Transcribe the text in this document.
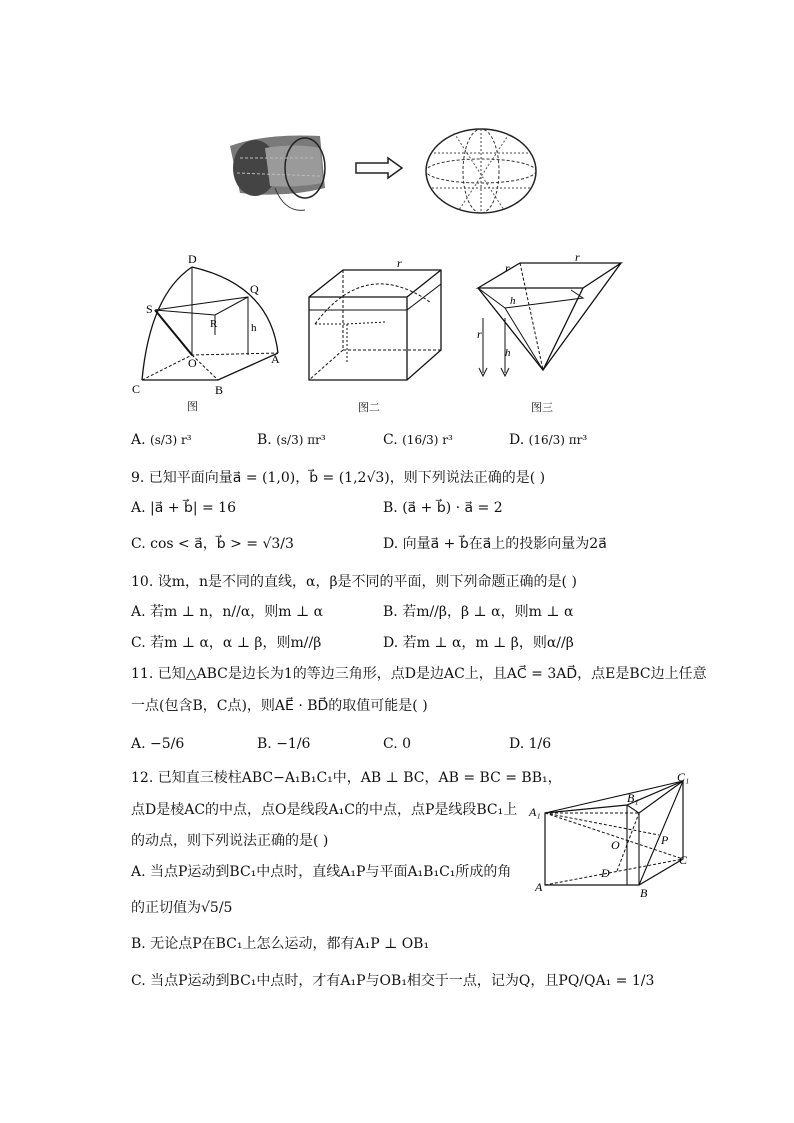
D
Q
S
R	h
O	A
C	B
图
r
图二
r
r
h
r
h
图三
A. (s/3) r³	B. (s/3) πr³	C. (16/3) r³	D. (16/3) πr³
9. 已知平面向量a⃗ = (1,0)，b⃗ = (1,2√3)，则下列说法正确的是( )
A. |a⃗ + b⃗| = 16	B. (a⃗ + b⃗) · a⃗ = 2
C. cos < a⃗，b⃗ > = √3/3	D. 向量a⃗ + b⃗在a⃗上的投影向量为2a⃗
10. 设m，n是不同的直线，α，β是不同的平面，则下列命题正确的是( )
A. 若m ⊥ n，n//α，则m ⊥ α	B. 若m//β，β ⊥ α，则m ⊥ α
C. 若m ⊥ α，α ⊥ β，则m//β	D. 若m ⊥ α，m ⊥ β，则α//β
11. 已知△ABC是边长为1的等边三角形，点D是边AC上，且AC⃗ = 3AD⃗，点E是BC边上任意
一点(包含B，C点)，则AE⃗ · BD⃗的取值可能是( )
A. −5/6	B. −1/6	C. 0	D. 1/6
12. 已知直三棱柱ABC−A₁B₁C₁中，AB ⊥ BC，AB = BC = BB₁，
点D是棱AC的中点，点O是线段A₁C的中点，点P是线段BC₁上
的动点，则下列说法正确的是( )
A. 当点P运动到BC₁中点时，直线A₁P与平面A₁B₁C₁所成的角
的正切值为√5/5
B. 无论点P在BC₁上怎么运动，都有A₁P ⊥ OB₁
C. 当点P运动到BC₁中点时，才有A₁P与OB₁相交于一点，记为Q，且PQ/QA₁ = 1/3
C₁
A₁
B₁
P
O
C
D
A	B
